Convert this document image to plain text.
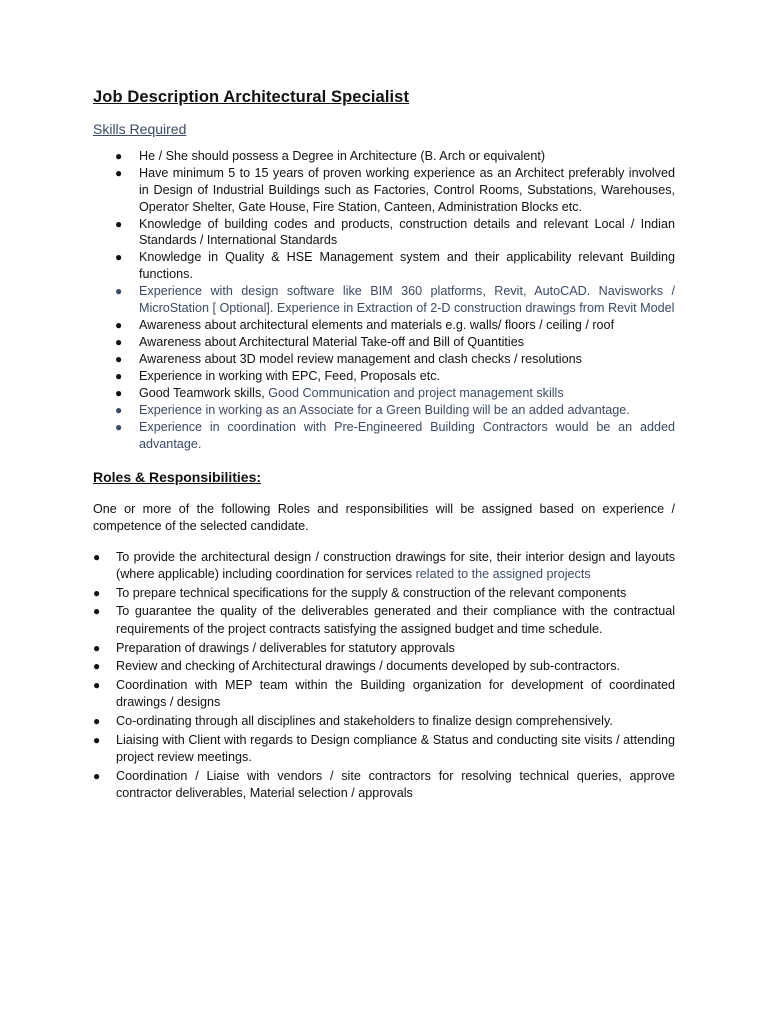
Job Description Architectural Specialist
Skills Required
● He / She should possess a Degree in Architecture (B. Arch or equivalent)
● Have minimum 5 to 15 years of proven working experience as an Architect preferably involved in Design of Industrial Buildings such as Factories, Control Rooms, Substations, Warehouses, Operator Shelter, Gate House, Fire Station, Canteen, Administration Blocks etc.
● Knowledge of building codes and products, construction details and relevant Local / Indian Standards / International Standards
● Knowledge in Quality & HSE Management system and their applicability relevant Building functions.
● Experience with design software like BIM 360 platforms, Revit, AutoCAD. Navisworks / MicroStation [ Optional]. Experience in Extraction of 2-D construction drawings from Revit Model
● Awareness about architectural elements and materials e.g. walls/ floors / ceiling / roof
● Awareness about Architectural Material Take-off and Bill of Quantities
● Awareness about 3D model review management and clash checks / resolutions
● Experience in working with EPC, Feed, Proposals etc.
● Good Teamwork skills, Good Communication and project management skills
● Experience in working as an Associate for a Green Building will be an added advantage.
● Experience in coordination with Pre-Engineered Building Contractors would be an added advantage.
Roles & Responsibilities:

One or more of the following Roles and responsibilities will be assigned based on experience / competence of the selected candidate.

● To provide the architectural design / construction drawings for site, their interior design and layouts (where applicable) including coordination for services related to the assigned projects
● To prepare technical specifications for the supply & construction of the relevant components
● To guarantee the quality of the deliverables generated and their compliance with the contractual requirements of the project contracts satisfying the assigned budget and time schedule.
● Preparation of drawings / deliverables for statutory approvals
● Review and checking of Architectural drawings / documents developed by sub-contractors.
● Coordination with MEP team within the Building organization for development of coordinated drawings / designs
● Co-ordinating through all disciplines and stakeholders to finalize design comprehensively.
● Liaising with Client with regards to Design compliance & Status and conducting site visits / attending project review meetings.
● Coordination / Liaise with vendors / site contractors for resolving technical queries, approve contractor deliverables, Material selection / approvals
